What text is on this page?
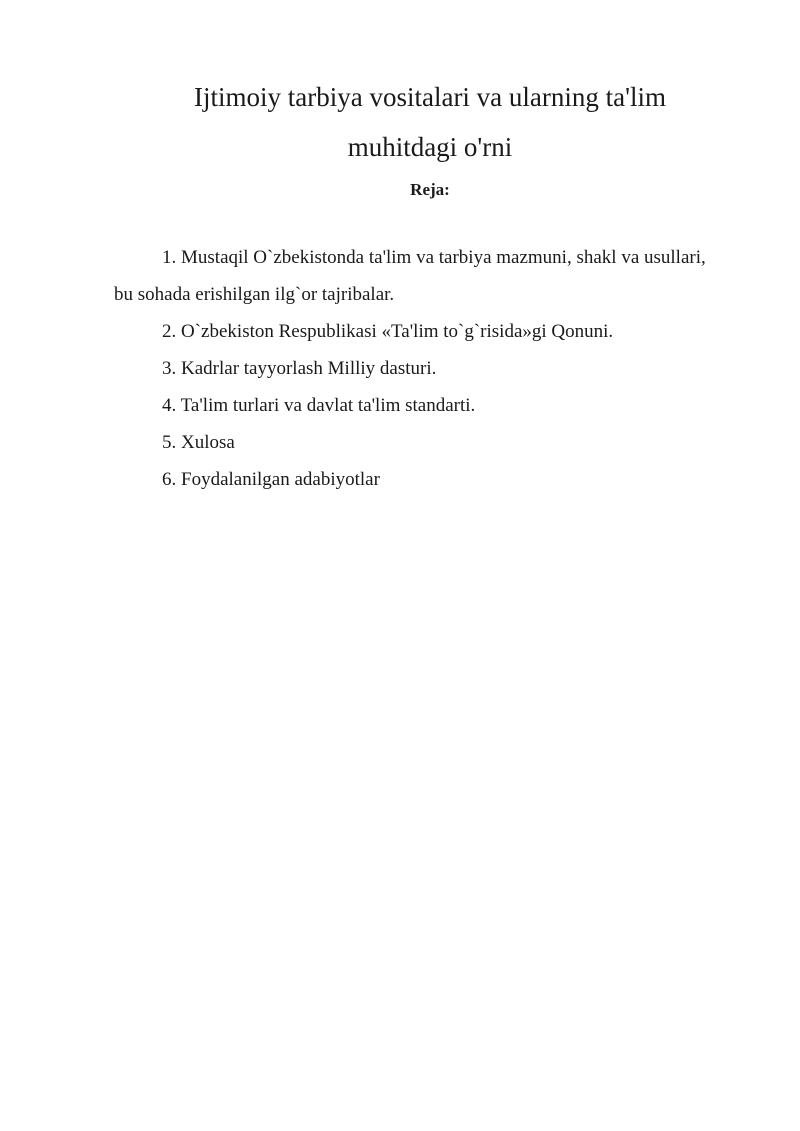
Ijtimoiy tarbiya vositalari va ularning ta'lim
muhitdagi o'rni
Reja:

1. Mustaqil O`zbekistonda ta'lim va tarbiya mazmuni, shakl va usullari, bu sohada erishilgan ilg`or tajribalar.

2. O`zbekiston Respublikasi «Ta'lim to`g`risida»gi Qonuni.

3. Kadrlar tayyorlash Milliy dasturi.

4. Ta'lim turlari va davlat ta'lim standarti.

5. Xulosa

6. Foydalanilgan adabiyotlar
